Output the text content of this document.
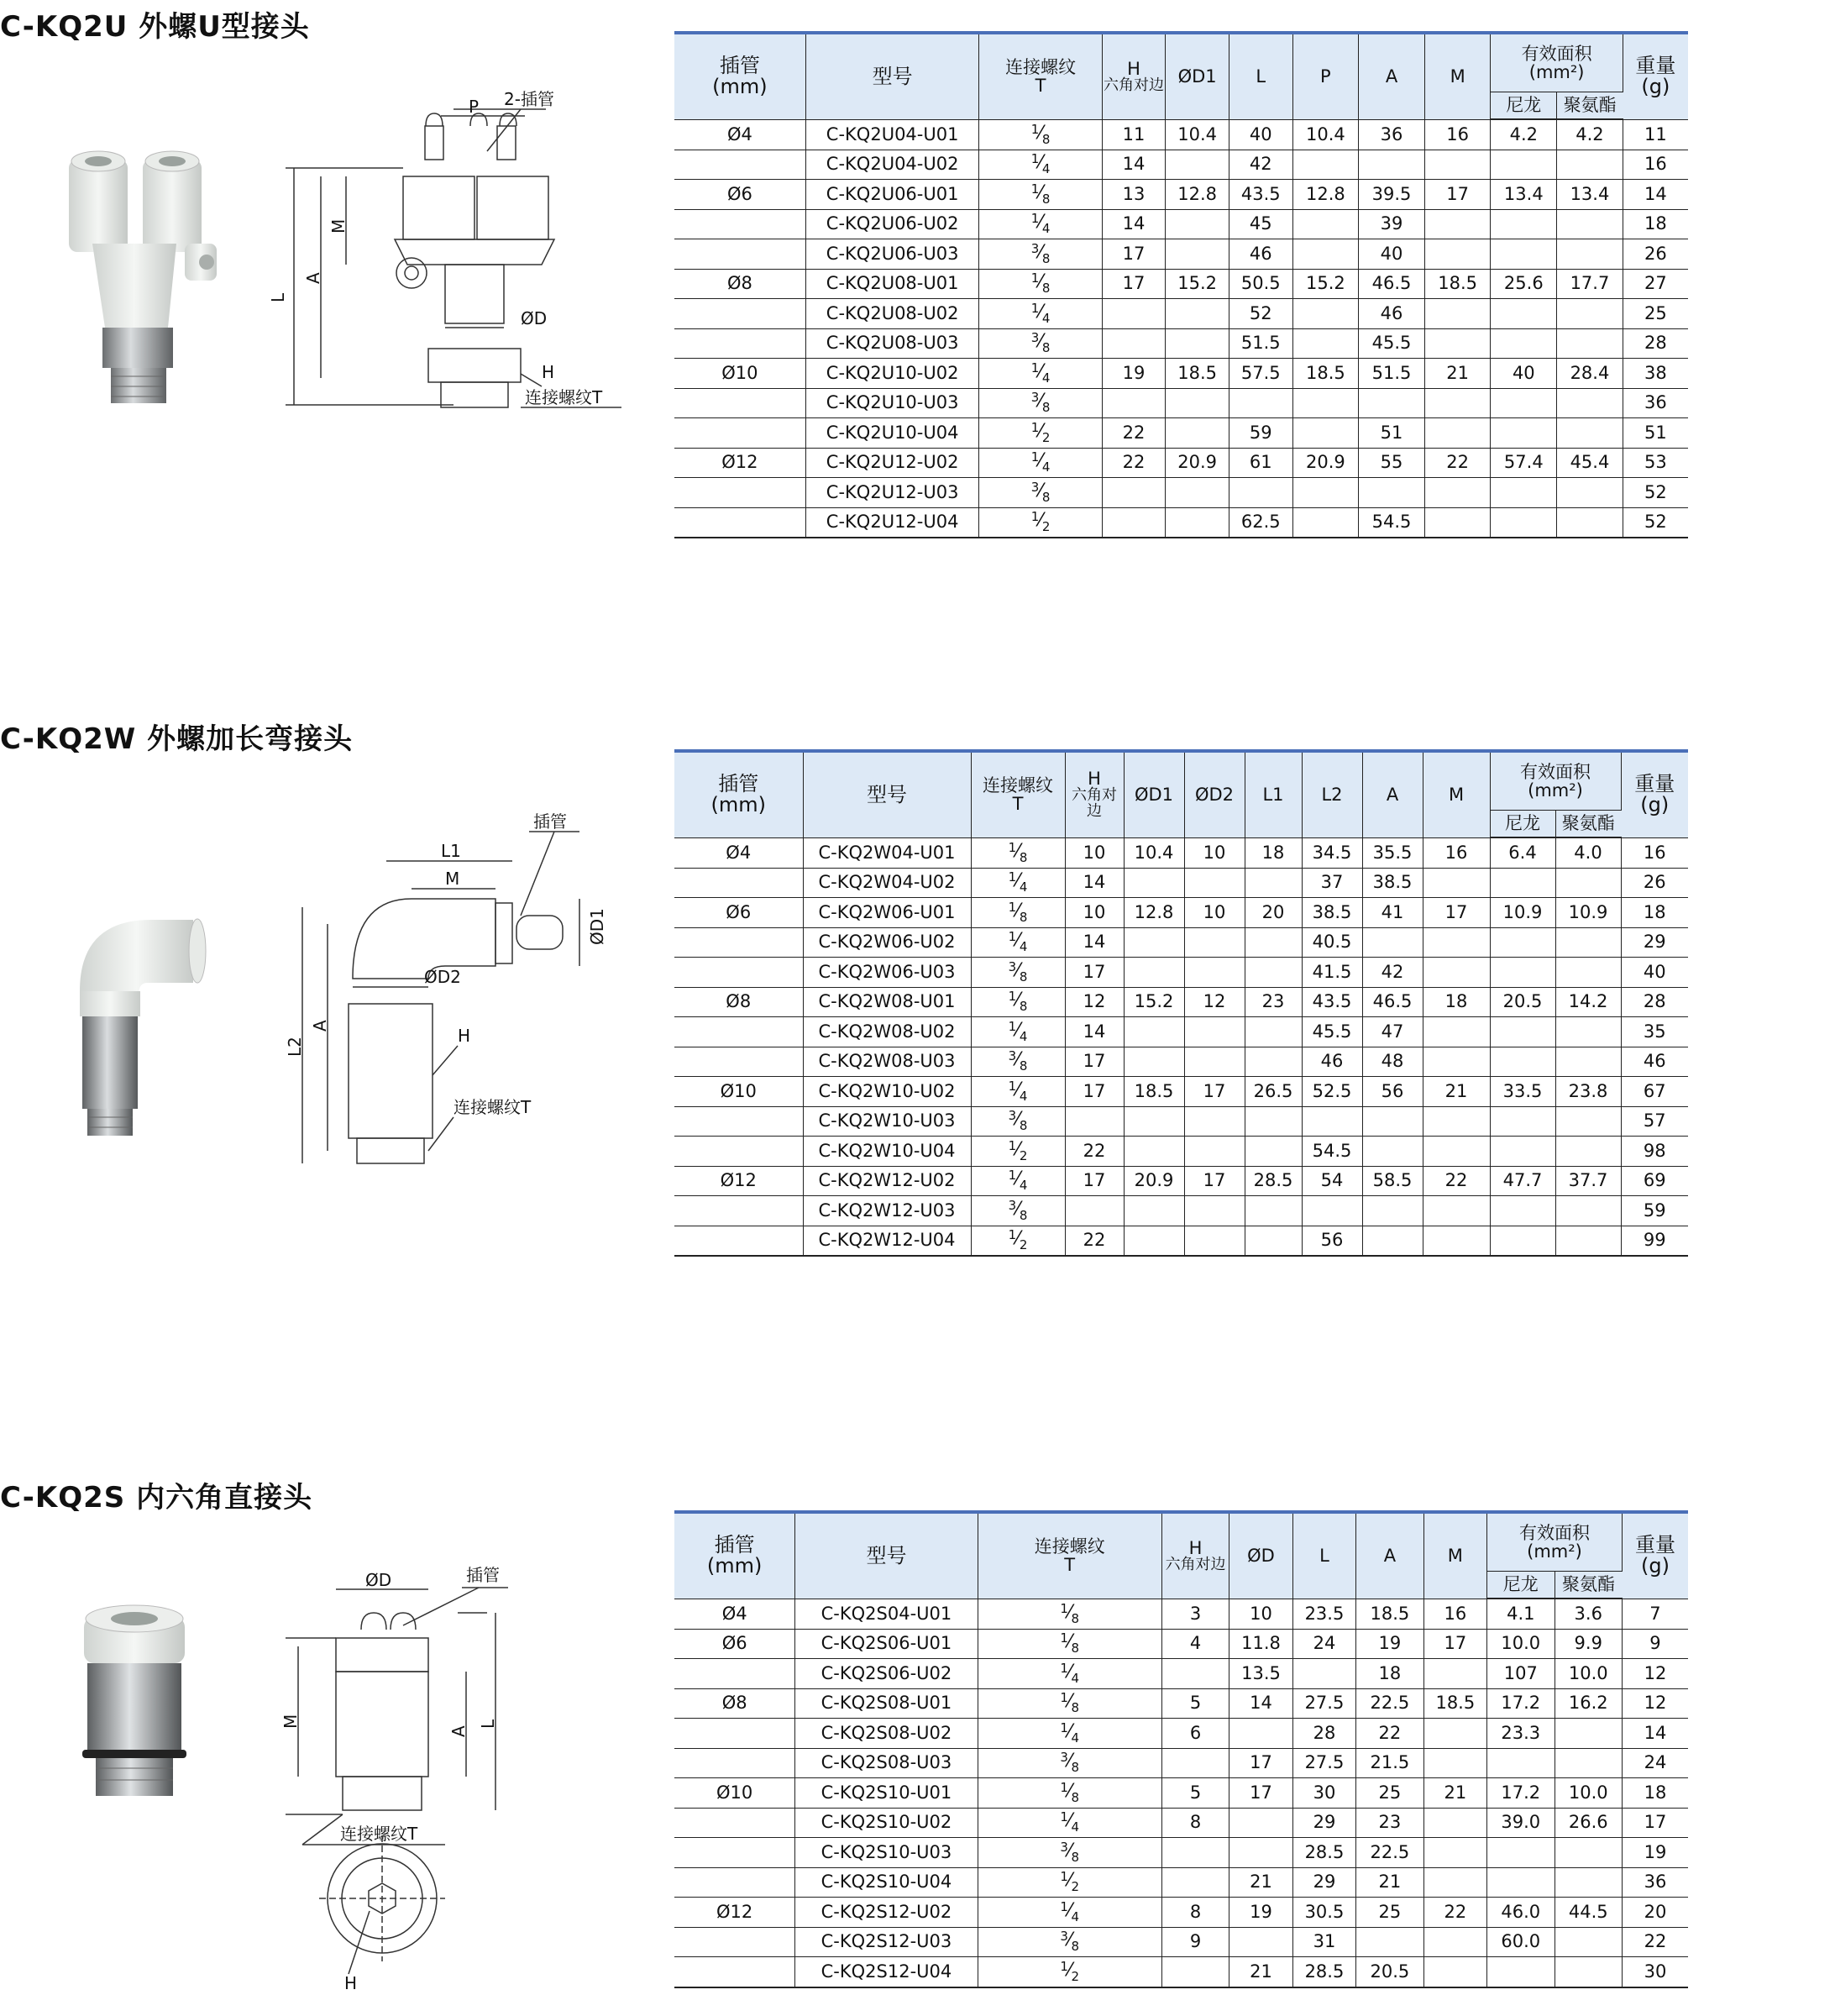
C-KQ2U 外螺U型接头
2-插管
P
L
A
M
ØD
H
连接螺纹T
插管
(mm)	型号	连接螺纹
T	H
六角对边	ØD1	L	P	A	M	有效面积
(mm²)		重量
(g)
									尼龙	聚氨酯	
Ø4	C-KQ2U04-U01	$^1⁄_8$	11	10.4	40	10.4	36	16	4.2	4.2	11
	C-KQ2U04-U02	$^1⁄_4$	14		42						16
Ø6	C-KQ2U06-U01	$^1⁄_8$	13	12.8	43.5	12.8	39.5	17	13.4	13.4	14
	C-KQ2U06-U02	$^1⁄_4$	14		45		39				18
	C-KQ2U06-U03	$^3⁄_8$	17		46		40				26
Ø8	C-KQ2U08-U01	$^1⁄_8$	17	15.2	50.5	15.2	46.5	18.5	25.6	17.7	27
	C-KQ2U08-U02	$^1⁄_4$			52		46				25
	C-KQ2U08-U03	$^3⁄_8$			51.5		45.5				28
Ø10	C-KQ2U10-U02	$^1⁄_4$	19	18.5	57.5	18.5	51.5	21	40	28.4	38
	C-KQ2U10-U03	$^3⁄_8$									36
	C-KQ2U10-U04	$^1⁄_2$	22		59		51				51
Ø12	C-KQ2U12-U02	$^1⁄_4$	22	20.9	61	20.9	55	22	57.4	45.4	53
	C-KQ2U12-U03	$^3⁄_8$									52
	C-KQ2U12-U04	$^1⁄_2$			62.5		54.5				52
C-KQ2W 外螺加长弯接头
插管
L1
M
ØD1
ØD2
L2
A	H
连接螺纹T
插管
(mm)	型号	连接螺纹
T	H
六角对边	ØD1	ØD2	L1	L2	A	M	有效面积
(mm²)		重量
(g)
										尼龙	聚氨酯	
Ø4	C-KQ2W04-U01	$^1⁄_8$	10	10.4	10	18	34.5	35.5	16	6.4	4.0	16
	C-KQ2W04-U02	$^1⁄_4$	14				37	38.5				26
Ø6	C-KQ2W06-U01	$^1⁄_8$	10	12.8	10	20	38.5	41	17	10.9	10.9	18
	C-KQ2W06-U02	$^1⁄_4$	14				40.5					29
	C-KQ2W06-U03	$^3⁄_8$	17				41.5	42				40
Ø8	C-KQ2W08-U01	$^1⁄_8$	12	15.2	12	23	43.5	46.5	18	20.5	14.2	28
	C-KQ2W08-U02	$^1⁄_4$	14				45.5	47				35
	C-KQ2W08-U03	$^3⁄_8$	17				46	48				46
Ø10	C-KQ2W10-U02	$^1⁄_4$	17	18.5	17	26.5	52.5	56	21	33.5	23.8	67
	C-KQ2W10-U03	$^3⁄_8$										57
	C-KQ2W10-U04	$^1⁄_2$	22				54.5					98
Ø12	C-KQ2W12-U02	$^1⁄_4$	17	20.9	17	28.5	54	58.5	22	47.7	37.7	69
	C-KQ2W12-U03	$^3⁄_8$										59
	C-KQ2W12-U04	$^1⁄_2$	22				56					99
C-KQ2S 内六角直接头
ØD	插管
M
A
L
连接螺纹T
H
插管
(mm)	型号	连接螺纹
T	H
六角对边	ØD	L	A	M	有效面积
(mm²)		重量
(g)
								尼龙	聚氨酯	
Ø4	C-KQ2S04-U01	$^1⁄_8$	3	10	23.5	18.5	16	4.1	3.6	7
Ø6	C-KQ2S06-U01	$^1⁄_8$	4	11.8	24	19	17	10.0	9.9	9
	C-KQ2S06-U02	$^1⁄_4$		13.5		18		107	10.0	12
Ø8	C-KQ2S08-U01	$^1⁄_8$	5	14	27.5	22.5	18.5	17.2	16.2	12
	C-KQ2S08-U02	$^1⁄_4$	6		28	22		23.3		14
	C-KQ2S08-U03	$^3⁄_8$		17	27.5	21.5				24
Ø10	C-KQ2S10-U01	$^1⁄_8$	5	17	30	25	21	17.2	10.0	18
	C-KQ2S10-U02	$^1⁄_4$	8		29	23		39.0	26.6	17
	C-KQ2S10-U03	$^3⁄_8$			28.5	22.5				19
	C-KQ2S10-U04	$^1⁄_2$		21	29	21				36
Ø12	C-KQ2S12-U02	$^1⁄_4$	8	19	30.5	25	22	46.0	44.5	20
	C-KQ2S12-U03	$^3⁄_8$	9		31			60.0		22
	C-KQ2S12-U04	$^1⁄_2$		21	28.5	20.5				30
